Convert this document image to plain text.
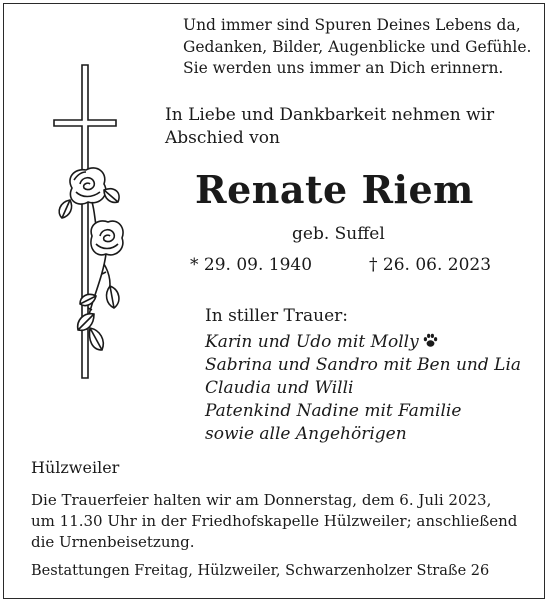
Und immer sind Spuren Deines Lebens da,
Gedanken, Bilder, Augenblicke und Gefühle.
Sie werden uns immer an Dich erinnern.
In Liebe und Dankbarkeit nehmen wir
Abschied von
Renate Riem
geb. Suffel
* 29. 09. 1940	† 26. 06. 2023
In stiller Trauer:
Karin und Udo mit Molly
Sabrina und Sandro mit Ben und Lia
Claudia und Willi
Patenkind Nadine mit Familie
sowie alle Angehörigen
Hülzweiler
Die Trauerfeier halten wir am Donnerstag, dem 6. Juli 2023,
um 11.30 Uhr in der Friedhofskapelle Hülzweiler; anschließend
die Urnenbeisetzung.
Bestattungen Freitag, Hülzweiler, Schwarzenholzer Straße 26
